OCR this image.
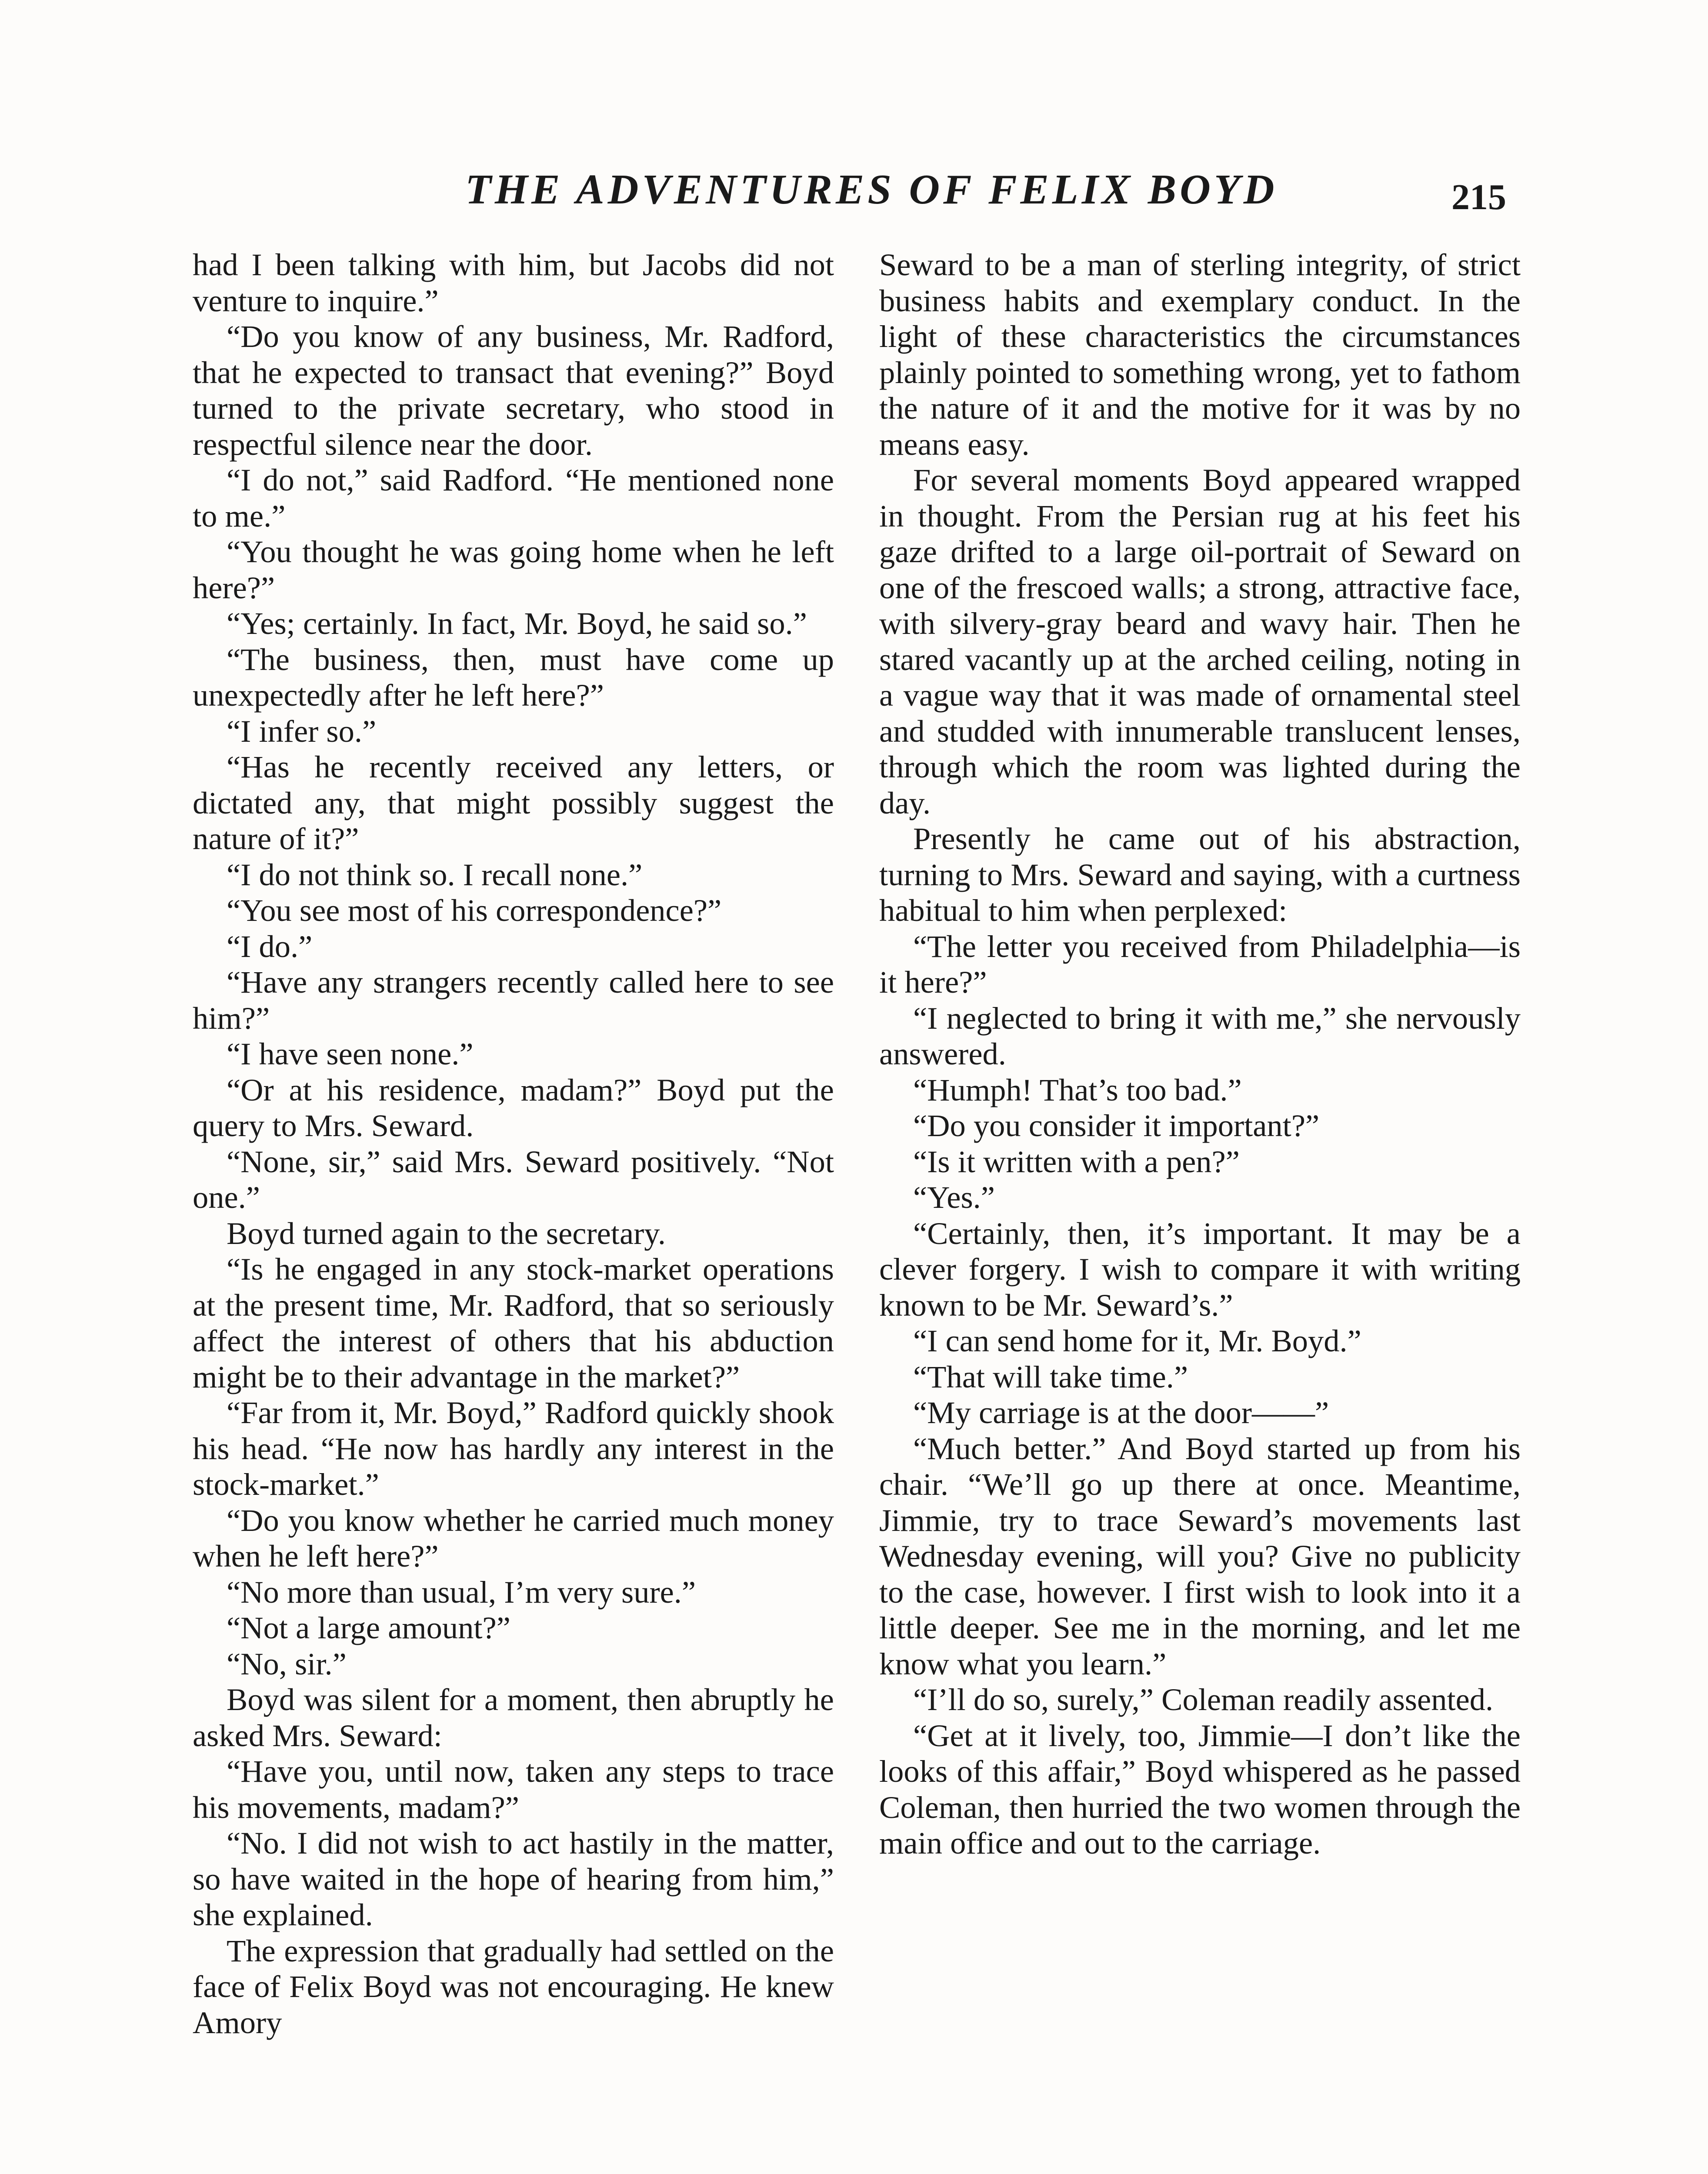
THE ADVENTURES OF FELIX BOYD	215

had I been talking with him, but Jacobs did not venture to inquire.”

“Do you know of any business, Mr. Radford, that he expected to transact that evening?” Boyd turned to the private secretary, who stood in respectful silence near the door.

“I do not,” said Radford. “He mentioned none to me.”

“You thought he was going home when he left here?”

“Yes; certainly. In fact, Mr. Boyd, he said so.”

“The business, then, must have come up unexpectedly after he left here?”

“I infer so.”

“Has he recently received any letters, or dictated any, that might possibly suggest the nature of it?”

“I do not think so. I recall none.”

“You see most of his correspondence?”

“I do.”

“Have any strangers recently called here to see him?”

“I have seen none.”

“Or at his residence, madam?” Boyd put the query to Mrs. Seward.

“None, sir,” said Mrs. Seward positively. “Not one.”

Boyd turned again to the secretary.

“Is he engaged in any stock-market operations at the present time, Mr. Radford, that so seriously affect the interest of others that his abduction might be to their advantage in the market?”

“Far from it, Mr. Boyd,” Radford quickly shook his head. “He now has hardly any interest in the stock-market.”

“Do you know whether he carried much money when he left here?”

“No more than usual, I’m very sure.”

“Not a large amount?”

“No, sir.”

Boyd was silent for a moment, then abruptly he asked Mrs. Seward:

“Have you, until now, taken any steps to trace his movements, madam?”

“No. I did not wish to act hastily in the matter, so have waited in the hope of hearing from him,” she explained.

The expression that gradually had settled on the face of Felix Boyd was not encouraging. He knew Amory

Seward to be a man of sterling integrity, of strict business habits and exemplary conduct. In the light of these characteristics the circumstances plainly pointed to something wrong, yet to fathom the nature of it and the motive for it was by no means easy.

For several moments Boyd appeared wrapped in thought. From the Persian rug at his feet his gaze drifted to a large oil-portrait of Seward on one of the frescoed walls; a strong, attractive face, with silvery-gray beard and wavy hair. Then he stared vacantly up at the arched ceiling, noting in a vague way that it was made of ornamental steel and studded with innumerable translucent lenses, through which the room was lighted during the day.

Presently he came out of his abstraction, turning to Mrs. Seward and saying, with a curtness habitual to him when perplexed:

“The letter you received from Philadelphia—is it here?”

“I neglected to bring it with me,” she nervously answered.

“Humph! That’s too bad.”

“Do you consider it important?”

“Is it written with a pen?”

“Yes.”

“Certainly, then, it’s important. It may be a clever forgery. I wish to compare it with writing known to be Mr. Seward’s.”

“I can send home for it, Mr. Boyd.”

“That will take time.”

“My carriage is at the door——”

“Much better.” And Boyd started up from his chair. “We’ll go up there at once. Meantime, Jimmie, try to trace Seward’s movements last Wednesday evening, will you? Give no publicity to the case, however. I first wish to look into it a little deeper. See me in the morning, and let me know what you learn.”

“I’ll do so, surely,” Coleman readily assented.

“Get at it lively, too, Jimmie—I don’t like the looks of this affair,” Boyd whispered as he passed Coleman, then hurried the two women through the main office and out to the carriage.
